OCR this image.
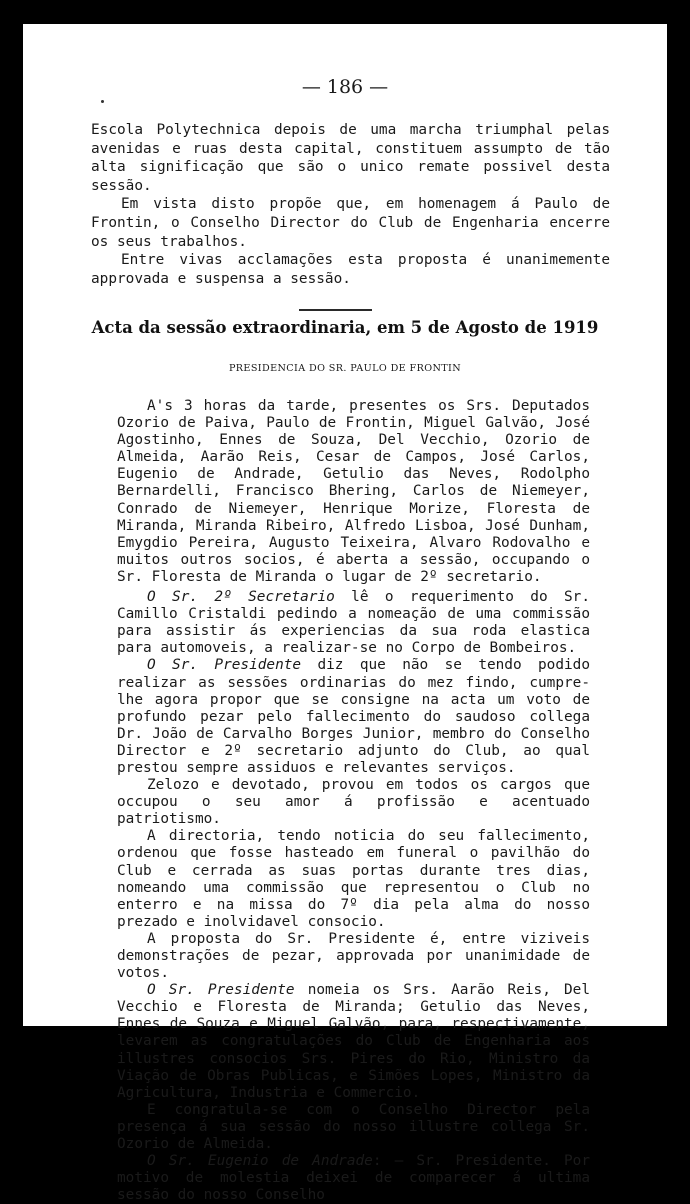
— 186 —

Escola Polytechnica depois de uma marcha triumphal pelas avenidas e ruas desta capital, constituem assumpto de tão alta significação que são o unico remate possivel desta sessão.

Em vista disto propõe que, em homenagem á Paulo de Frontin, o Conselho Director do Club de Engenharia encerre os seus trabalhos.

Entre vivas acclamações esta proposta é unanimemente approvada e suspensa a sessão.

Acta da sessão extraordinaria, em 5 de Agosto de 1919
PRESIDENCIA DO SR. PAULO DE FRONTIN

A's 3 horas da tarde, presentes os Srs. Deputados Ozorio de Paiva, Paulo de Frontin, Miguel Galvão, José Agostinho, Ennes de Souza, Del Vecchio, Ozorio de Almeida, Aarão Reis, Cesar de Campos, José Carlos, Eugenio de Andrade, Getulio das Neves, Rodolpho Bernardelli, Francisco Bhering, Carlos de Niemeyer, Conrado de Niemeyer, Henrique Morize, Floresta de Miranda, Miranda Ribeiro, Alfredo Lisboa, José Dunham, Emygdio Pereira, Augusto Teixeira, Alvaro Rodovalho e muitos outros socios, é aberta a sessão, occupando o Sr. Floresta de Miranda o lugar de 2º secretario.

O Sr. 2º Secretario lê o requerimento do Sr. Camillo Cristaldi pedindo a nomeação de uma commissão para assistir ás experiencias da sua roda elastica para automoveis, a realizar-se no Corpo de Bombeiros.

O Sr. Presidente diz que não se tendo podido realizar as sessões ordinarias do mez findo, cumpre-lhe agora propor que se consigne na acta um voto de profundo pezar pelo fallecimento do saudoso collega Dr. João de Carvalho Borges Junior, membro do Conselho Director e 2º secretario adjunto do Club, ao qual prestou sempre assiduos e relevantes serviços.

Zelozo e devotado, provou em todos os cargos que occupou o seu amor á profissão e acentuado patriotismo.

A directoria, tendo noticia do seu fallecimento, ordenou que fosse hasteado em funeral o pavilhão do Club e cerrada as suas portas durante tres dias, nomeando uma commissão que representou o Club no enterro e na missa do 7º dia pela alma do nosso prezado e inolvidavel consocio.

A proposta do Sr. Presidente é, entre viziveis demonstrações de pezar, approvada por unanimidade de votos.

O Sr. Presidente nomeia os Srs. Aarão Reis, Del Vecchio e Floresta de Miranda; Getulio das Neves, Ennes de Souza e Miguel Galvão, para, respectivamente, levarem as congratulações do Club de Engenharia aos illustres consocios Srs. Pires do Rio, Ministro da Viação de Obras Publicas, e Simões Lopes, Ministro da Agricultura, Industria e Commercio.

E congratula-se com o Conselho Director pela presença á sua sessão do nosso illustre collega Sr. Ozorio de Almeida.

O Sr. Eugenio de Andrade: — Sr. Presidente. Por motivo de molestia deixei de comparecer á ultima sessão do nosso Conselho
